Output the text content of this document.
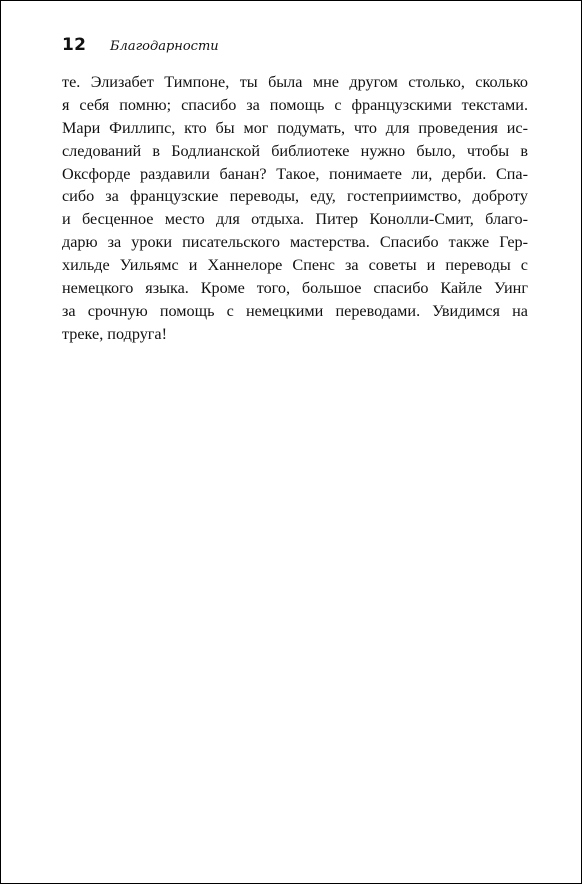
12	Благодарности
те. Элизабет Тимпоне, ты была мне другом столько, сколько
я себя помню; спасибо за помощь с французскими текстами.
Мари Филлипс, кто бы мог подумать, что для проведения ис-
следований в Бодлианской библиотеке нужно было, чтобы в
Оксфорде раздавили банан? Такое, понимаете ли, дерби. Спа-
сибо за французские переводы, еду, гостеприимство, доброту
и бесценное место для отдыха. Питер Конолли-Смит, благо-
дарю за уроки писательского мастерства. Спасибо также Гер-
хильде Уильямс и Ханнелоре Спенс за советы и переводы с
немецкого языка. Кроме того, большое спасибо Кайле Уинг
за срочную помощь с немецкими переводами. Увидимся на
треке, подруга!
